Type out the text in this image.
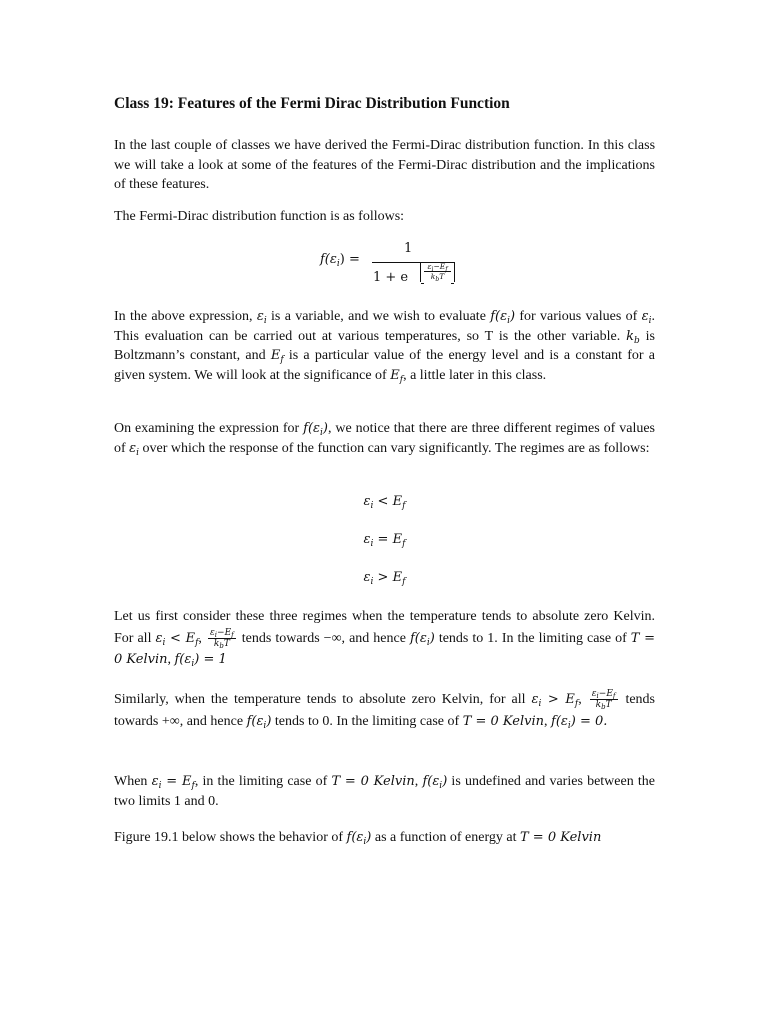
Class 19: Features of the Fermi Dirac Distribution Function

In the last couple of classes we have derived the Fermi-Dirac distribution function. In this class we will take a look at some of the features of the Fermi-Dirac distribution and the implications of these features.

The Fermi-Dirac distribution function is as follows:

$f(\varepsilon_i)$ =
1
1 + e
$\varepsilon_i-E_f$
$k_bT$

In the above expression, $\varepsilon_i$ is a variable, and we wish to evaluate $f(\varepsilon_i)$ for various values of $\varepsilon_i$. This evaluation can be carried out at various temperatures, so T is the other variable. $k_b$ is Boltzmann’s constant, and $E_f$ is a particular value of the energy level and is a constant for a given system. We will look at the significance of $E_f$, a little later in this class.

On examining the expression for $f(\varepsilon_i)$, we notice that there are three different regimes of values of $\varepsilon_i$ over which the response of the function can vary significantly. The regimes are as follows:

$\varepsilon_i < E_f$

$\varepsilon_i = E_f$

$\varepsilon_i > E_f$

Let us first consider these three regimes when the temperature tends to absolute zero Kelvin. For all $\varepsilon_i < E_f$, $\frac{\varepsilon_i-E_f}{k_bT}$ tends towards −∞, and hence $f(\varepsilon_i)$ tends to 1. In the limiting case of T = 0 Kelvin, $f(\varepsilon_i) = 1$

Similarly, when the temperature tends to absolute zero Kelvin, for all $\varepsilon_i > E_f$, $\frac{\varepsilon_i-E_f}{k_bT}$ tends towards +∞, and hence $f(\varepsilon_i)$ tends to 0. In the limiting case of T = 0 Kelvin, $f(\varepsilon_i) = 0$.

When $\varepsilon_i = E_f$, in the limiting case of T = 0 Kelvin, $f(\varepsilon_i)$ is undefined and varies between the two limits 1 and 0.

Figure 19.1 below shows the behavior of $f(\varepsilon_i)$ as a function of energy at T = 0 Kelvin
